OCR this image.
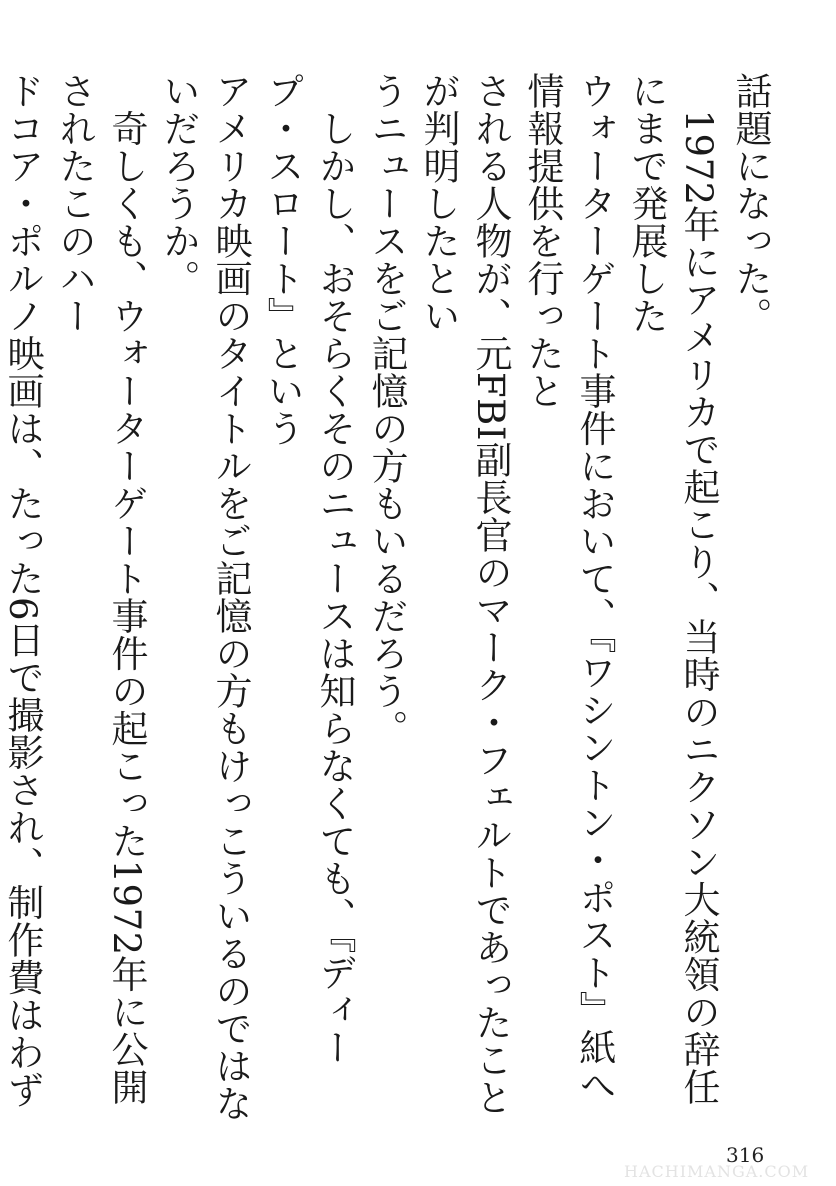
話題になった。

　1972年にアメリカで起こり、当時のニクソン大統領の辞任にまで発展した
ウォーターゲート事件において、『ワシントン・ポスト』紙へ情報提供を行ったと
される人物が、元FBI副長官のマーク・フェルトであったことが判明したとい
うニュースをご記憶の方もいるだろう。

　しかし、おそらくそのニュースは知らなくても、『ディープ・スロート』という
アメリカ映画のタイトルをご記憶の方もけっこういるのではないだろうか。

　奇しくも、ウォーターゲート事件の起こった1972年に公開されたこのハー
ドコア・ポルノ映画は、たった6日で撮影され、制作費はわず

316
HACHIMANGA.COM
